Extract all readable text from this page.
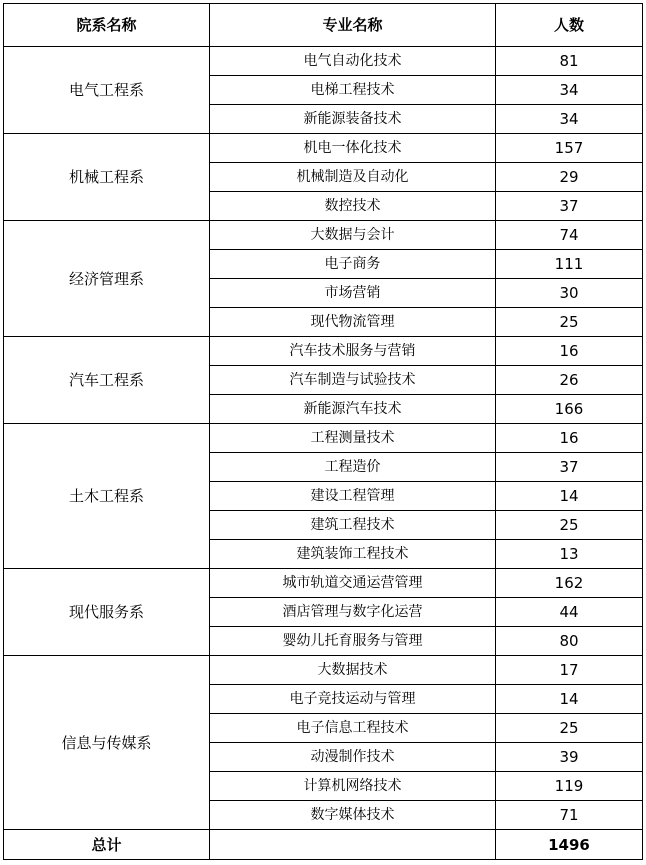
院系名称	专业名称	人数
电气工程系	电气自动化技术	81
	电梯工程技术	34
	新能源装备技术	34
机械工程系	机电一体化技术	157
	机械制造及自动化	29
	数控技术	37
经济管理系	大数据与会计	74
	电子商务	111
	市场营销	30
	现代物流管理	25
汽车工程系	汽车技术服务与营销	16
	汽车制造与试验技术	26
	新能源汽车技术	166
土木工程系	工程测量技术	16
	工程造价	37
	建设工程管理	14
	建筑工程技术	25
	建筑装饰工程技术	13
现代服务系	城市轨道交通运营管理	162
	酒店管理与数字化运营	44
	婴幼儿托育服务与管理	80
信息与传媒系	大数据技术	17
	电子竞技运动与管理	14
	电子信息工程技术	25
	动漫制作技术	39
	计算机网络技术	119
	数字媒体技术	71
总计		1496
